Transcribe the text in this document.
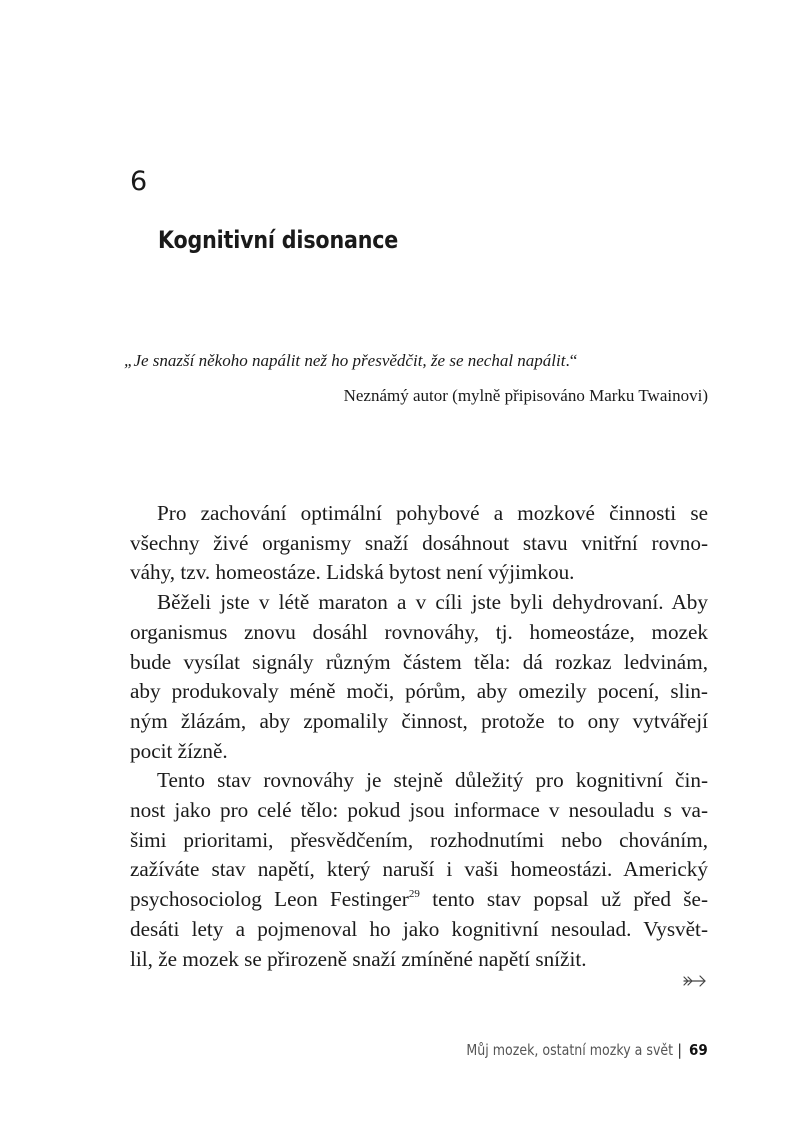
6
Kognitivní disonance
„Je snazší někoho napálit než ho přesvědčit, že se nechal napálit.“
Neznámý autor (mylně připisováno Marku Twainovi)
Pro zachování optimální pohybové a mozkové činnosti se
všechny živé organismy snaží dosáhnout stavu vnitřní rovno-
váhy, tzv. homeostáze. Lidská bytost není výjimkou.
Běželi jste v létě maraton a v cíli jste byli dehydrovaní. Aby
organismus znovu dosáhl rovnováhy, tj. homeostáze, mozek
bude vysílat signály různým částem těla: dá rozkaz ledvinám,
aby produkovaly méně moči, pórům, aby omezily pocení, slin-
ným žlázám, aby zpomalily činnost, protože to ony vytvářejí
pocit žízně.
Tento stav rovnováhy je stejně důležitý pro kognitivní čin-
nost jako pro celé tělo: pokud jsou informace v nesouladu s va-
šimi prioritami, přesvědčením, rozhodnutími nebo chováním,
zažíváte stav napětí, který naruší i vaši homeostázi. Americký
psychosociolog Leon Festinger$^{29}$ tento stav popsal už před še-
desáti lety a pojmenoval ho jako kognitivní nesoulad. Vysvět-
lil, že mozek se přirozeně snaží zmíněné napětí snížit.
Můj mozek, ostatní mozky a svět | 69
